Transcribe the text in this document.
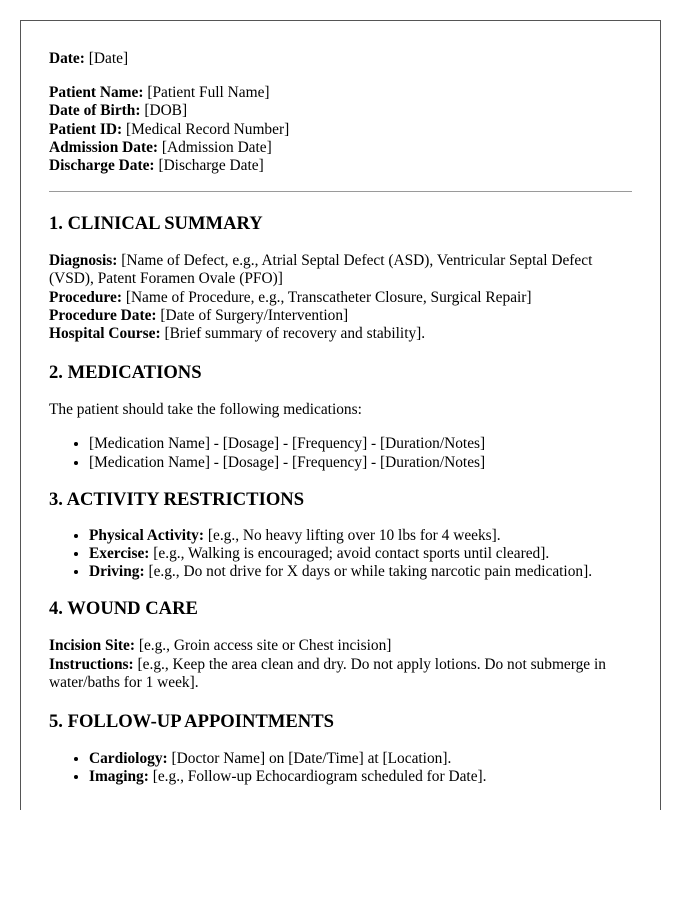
Date: [Date]

Patient Name: [Patient Full Name]

Date of Birth: [DOB]

Patient ID: [Medical Record Number]

Admission Date: [Admission Date]

Discharge Date: [Discharge Date]

1. CLINICAL SUMMARY

Diagnosis: [Name of Defect, e.g., Atrial Septal Defect (ASD), Ventricular Septal Defect (VSD), Patent Foramen Ovale (PFO)]

Procedure: [Name of Procedure, e.g., Transcatheter Closure, Surgical Repair]

Procedure Date: [Date of Surgery/Intervention]

Hospital Course: [Brief summary of recovery and stability].

2. MEDICATIONS

The patient should take the following medications:

• [Medication Name] - [Dosage] - [Frequency] - [Duration/Notes]
• [Medication Name] - [Dosage] - [Frequency] - [Duration/Notes]
3. ACTIVITY RESTRICTIONS
• Physical Activity: [e.g., No heavy lifting over 10 lbs for 4 weeks].
• Exercise: [e.g., Walking is encouraged; avoid contact sports until cleared].
• Driving: [e.g., Do not drive for X days or while taking narcotic pain medication].
4. WOUND CARE

Incision Site: [e.g., Groin access site or Chest incision]

Instructions: [e.g., Keep the area clean and dry. Do not apply lotions. Do not submerge in water/baths for 1 week].

5. FOLLOW-UP APPOINTMENTS
• Cardiology: [Doctor Name] on [Date/Time] at [Location].
• Imaging: [e.g., Follow-up Echocardiogram scheduled for Date].
